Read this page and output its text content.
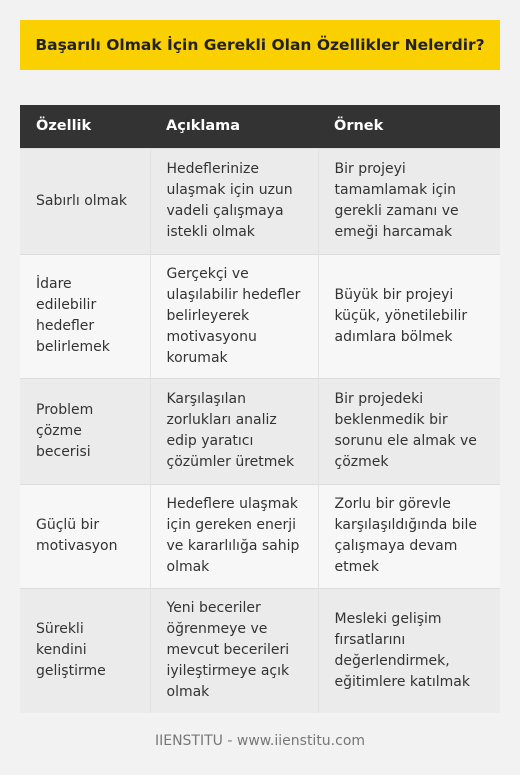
Başarılı Olmak İçin Gerekli Olan Özellikler Nelerdir?
Özellik	Açıklama	Örnek
Sabırlı olmak	Hedeflerinize ulaşmak için uzun vadeli çalışmaya istekli olmak	Bir projeyi tamamlamak için gerekli zamanı ve emeği harcamak
İdare edilebilir hedefler belirlemek	Gerçekçi ve ulaşılabilir hedefler belirleyerek motivasyonu korumak	Büyük bir projeyi küçük, yönetilebilir adımlara bölmek
Problem çözme becerisi	Karşılaşılan zorlukları analiz edip yaratıcı çözümler üretmek	Bir projedeki beklenmedik bir sorunu ele almak ve çözmek
Güçlü bir motivasyon	Hedeflere ulaşmak için gereken enerji ve kararlılığa sahip olmak	Zorlu bir görevle karşılaşıldığında bile çalışmaya devam etmek
Sürekli kendini geliştirme	Yeni beceriler öğrenmeye ve mevcut becerileri iyileştirmeye açık olmak	Mesleki gelişim fırsatlarını değerlendirmek, eğitimlere katılmak
IIENSTITU - www.iienstitu.com
